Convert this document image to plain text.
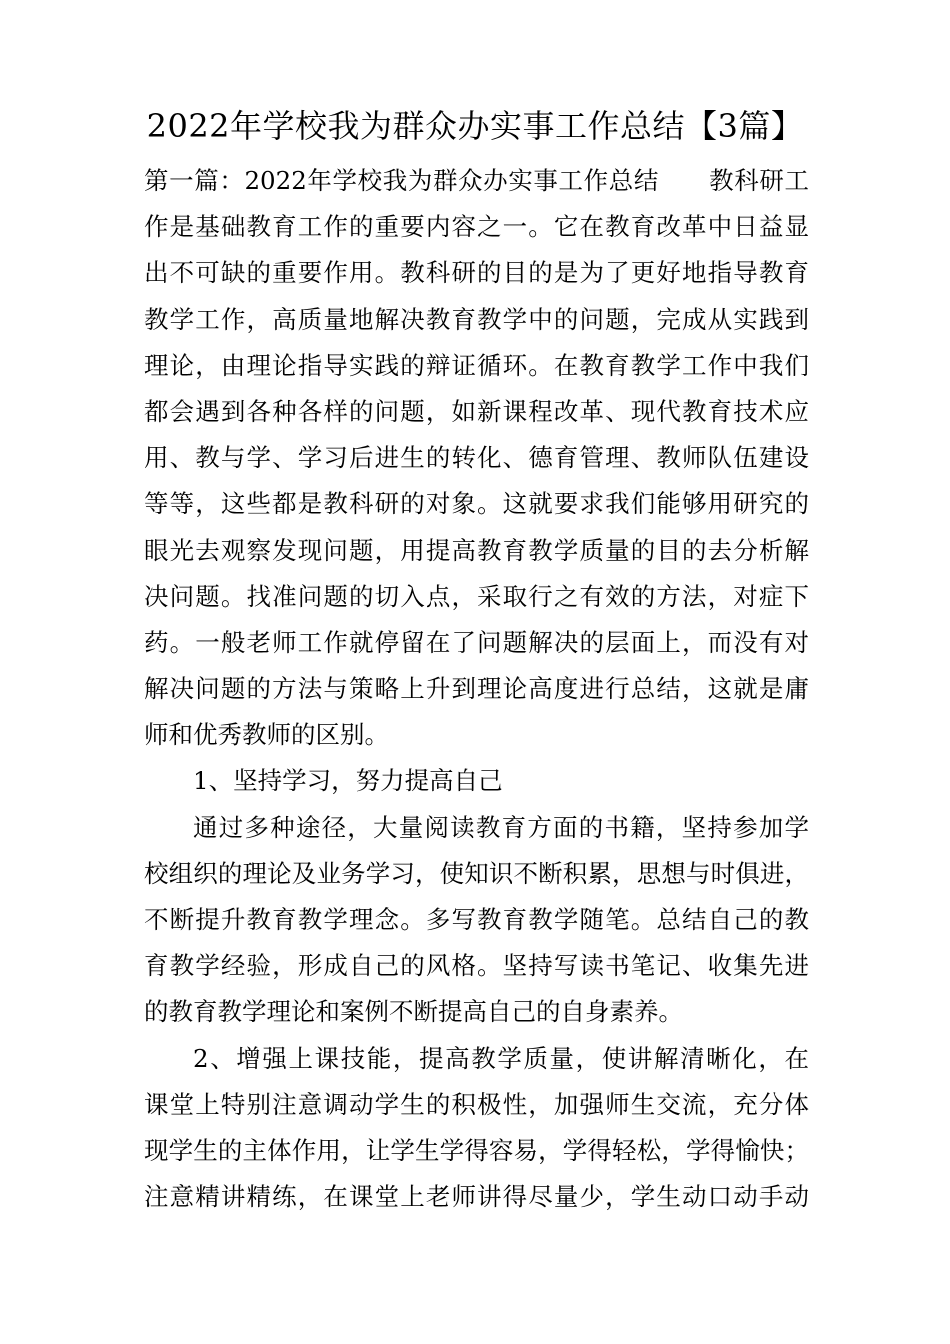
2022年学校我为群众办实事工作总结【3篇】
第一篇：2022年学校我为群众办实事工作总结　　教科研工
作是基础教育工作的重要内容之一。它在教育改革中日益显
出不可缺的重要作用。教科研的目的是为了更好地指导教育
教学工作，高质量地解决教育教学中的问题，完成从实践到
理论，由理论指导实践的辩证循环。在教育教学工作中我们
都会遇到各种各样的问题，如新课程改革、现代教育技术应
用、教与学、学习后进生的转化、德育管理、教师队伍建设
等等，这些都是教科研的对象。这就要求我们能够用研究的
眼光去观察发现问题，用提高教育教学质量的目的去分析解
决问题。找准问题的切入点，采取行之有效的方法，对症下
药。一般老师工作就停留在了问题解决的层面上，而没有对
解决问题的方法与策略上升到理论高度进行总结，这就是庸
师和优秀教师的区别。
1、坚持学习，努力提高自己
通过多种途径，大量阅读教育方面的书籍，坚持参加学
校组织的理论及业务学习，使知识不断积累，思想与时俱进，
不断提升教育教学理念。多写教育教学随笔。总结自己的教
育教学经验，形成自己的风格。坚持写读书笔记、收集先进
的教育教学理论和案例不断提高自己的自身素养。
2、增强上课技能，提高教学质量，使讲解清晰化，在
课堂上特别注意调动学生的积极性，加强师生交流，充分体
现学生的主体作用，让学生学得容易，学得轻松，学得愉快；
注意精讲精练，在课堂上老师讲得尽量少，学生动口动手动
